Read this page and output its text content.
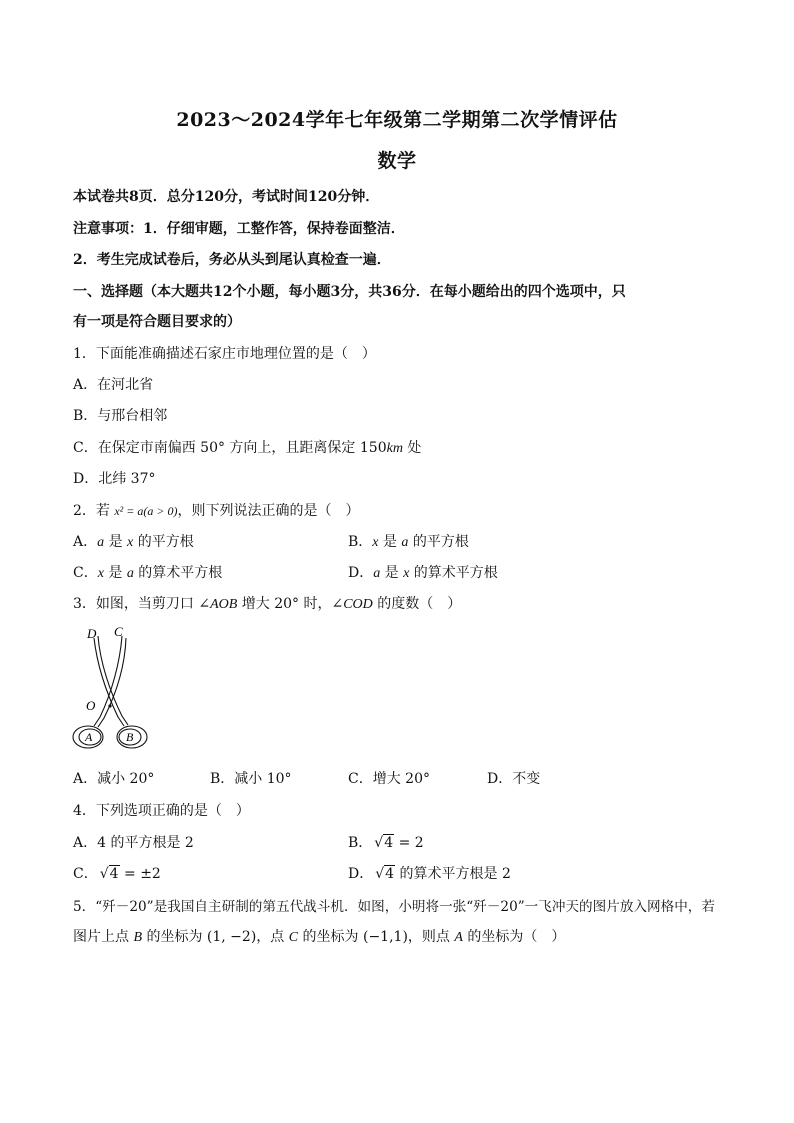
2023～2024学年七年级第二学期第二次学情评估
数学
本试卷共8页．总分120分，考试时间120分钟．
注意事项：1．仔细审题，工整作答，保持卷面整洁．
2．考生完成试卷后，务必从头到尾认真检查一遍．
一、选择题（本大题共12个小题，每小题3分，共36分．在每小题给出的四个选项中，只
有一项是符合题目要求的）
1．下面能准确描述石家庄市地理位置的是（　）
A．在河北省
B．与邢台相邻
C．在保定市南偏西 50° 方向上，且距离保定 150km 处
D．北纬 37°
2．若 x² = a(a > 0)，则下列说法正确的是（　）
A．a 是 x 的平方根	B．x 是 a 的平方根
C．x 是 a 的算术平方根	D．a 是 x 的算术平方根
3．如图，当剪刀口 ∠AOB 增大 20° 时，∠COD 的度数（　）
D C
O
A	B
A．减小 20°	B．减小 10°	C．增大 20°	D．不变
4．下列选项正确的是（　）
A．4 的平方根是 2	B． √4 = 2
C． √4 = ±2	D． √4 的算术平方根是 2
5．“歼－20”是我国自主研制的第五代战斗机．如图，小明将一张“歼－20”一飞冲天的图片放入网格中，若
图片上点 B 的坐标为 (1, −2)，点 C 的坐标为 (−1,1)，则点 A 的坐标为（　）
